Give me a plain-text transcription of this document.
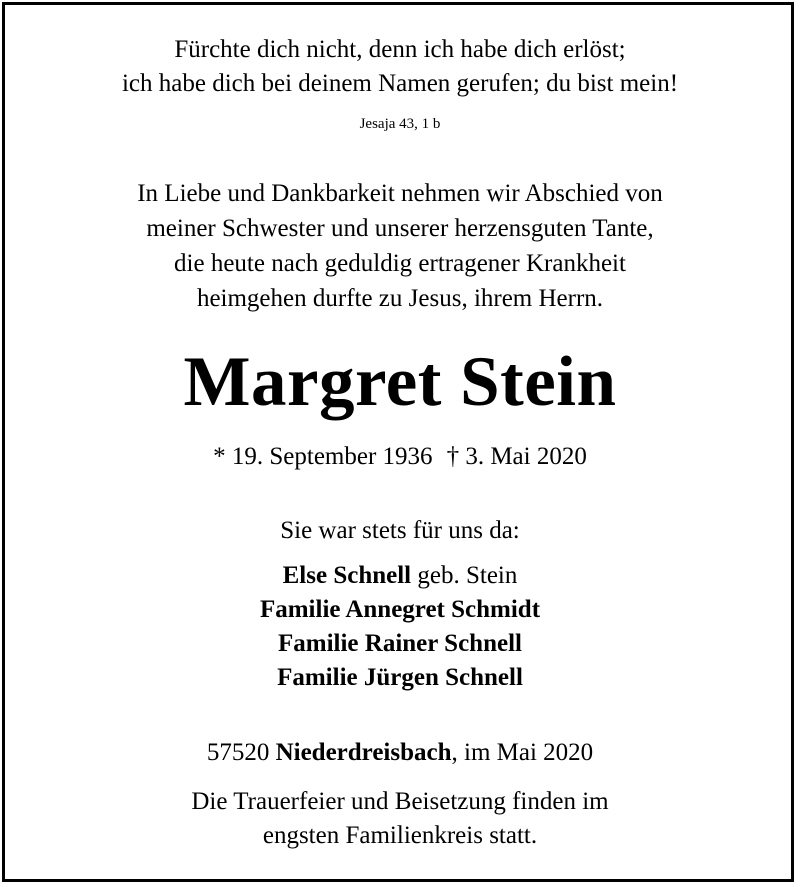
Fürchte dich nicht, denn ich habe dich erlöst;
ich habe dich bei deinem Namen gerufen; du bist mein!
Jesaja 43, 1 b
In Liebe und Dankbarkeit nehmen wir Abschied von
meiner Schwester und unserer herzensguten Tante,
die heute nach geduldig ertragener Krankheit
heimgehen durfte zu Jesus, ihrem Herrn.
Margret Stein
* 19. September 1936 † 3. Mai 2020
Sie war stets für uns da:
Else Schnell geb. Stein
Familie Annegret Schmidt
Familie Rainer Schnell
Familie Jürgen Schnell
57520 Niederdreisbach, im Mai 2020
Die Trauerfeier und Beisetzung finden im
engsten Familienkreis statt.
